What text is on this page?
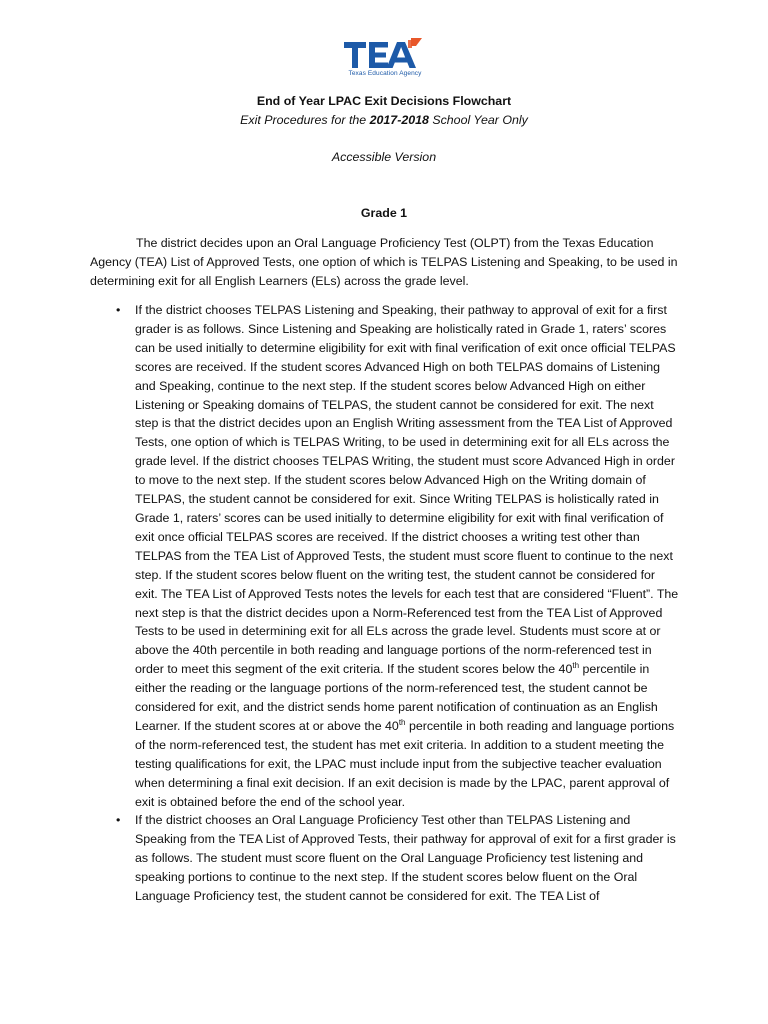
Texas Education Agency
End of Year LPAC Exit Decisions Flowchart
Exit Procedures for the 2017-2018 School Year Only
Accessible Version
Grade 1

The district decides upon an Oral Language Proficiency Test (OLPT) from the Texas Education Agency (TEA) List of Approved Tests, one option of which is TELPAS Listening and Speaking, to be used in determining exit for all English Learners (ELs) across the grade level.

• If the district chooses TELPAS Listening and Speaking, their pathway to approval of exit for a first grader is as follows. Since Listening and Speaking are holistically rated in Grade 1, raters’ scores can be used initially to determine eligibility for exit with final verification of exit once official TELPAS scores are received. If the student scores Advanced High on both TELPAS domains of Listening and Speaking, continue to the next step. If the student scores below Advanced High on either Listening or Speaking domains of TELPAS, the student cannot be considered for exit. The next step is that the district decides upon an English Writing assessment from the TEA List of Approved Tests, one option of which is TELPAS Writing, to be used in determining exit for all ELs across the grade level. If the district chooses TELPAS Writing, the student must score Advanced High in order to move to the next step. If the student scores below Advanced High on the Writing domain of TELPAS, the student cannot be considered for exit. Since Writing TELPAS is holistically rated in Grade 1, raters’ scores can be used initially to determine eligibility for exit with final verification of exit once official TELPAS scores are received. If the district chooses a writing test other than TELPAS from the TEA List of Approved Tests, the student must score fluent to continue to the next step. If the student scores below fluent on the writing test, the student cannot be considered for exit. The TEA List of Approved Tests notes the levels for each test that are considered “Fluent”. The next step is that the district decides upon a Norm-Referenced test from the TEA List of Approved Tests to be used in determining exit for all ELs across the grade level. Students must score at or above the 40th percentile in both reading and language portions of the norm-referenced test in order to meet this segment of the exit criteria. If the student scores below the 40th percentile in either the reading or the language portions of the norm-referenced test, the student cannot be considered for exit, and the district sends home parent notification of continuation as an English Learner. If the student scores at or above the 40th percentile in both reading and language portions of the norm-referenced test, the student has met exit criteria. In addition to a student meeting the testing qualifications for exit, the LPAC must include input from the subjective teacher evaluation when determining a final exit decision. If an exit decision is made by the LPAC, parent approval of exit is obtained before the end of the school year.
• If the district chooses an Oral Language Proficiency Test other than TELPAS Listening and Speaking from the TEA List of Approved Tests, their pathway for approval of exit for a first grader is as follows. The student must score fluent on the Oral Language Proficiency test listening and speaking portions to continue to the next step. If the student scores below fluent on the Oral Language Proficiency test, the student cannot be considered for exit. The TEA List of
